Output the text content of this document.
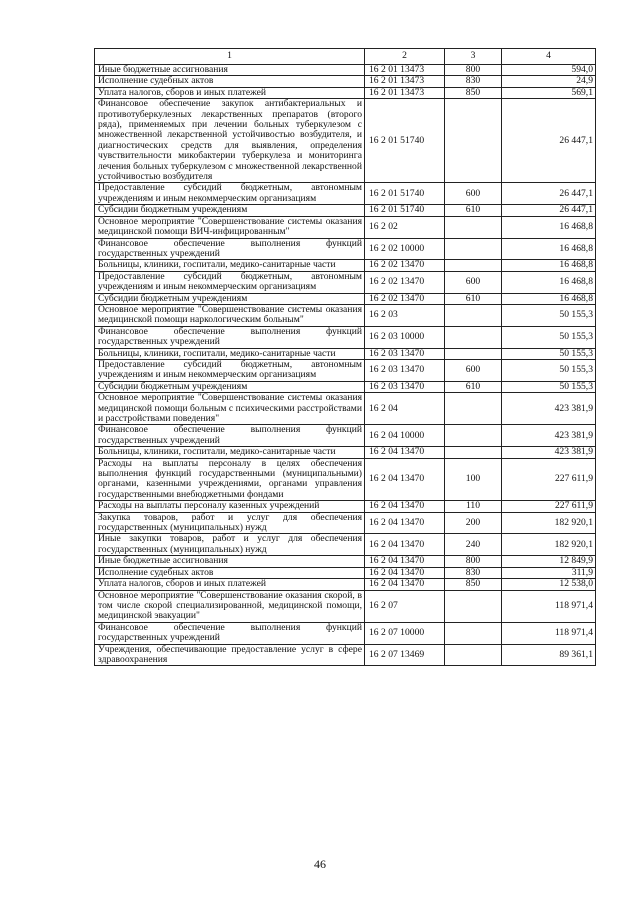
1	2	3	4
Иные бюджетные ассигнования	16 2 01 13473	800	594,0
Исполнение судебных актов	16 2 01 13473	830	24,9
Уплата налогов, сборов и иных платежей	16 2 01 13473	850	569,1
Финансовое обеспечение закупок антибактериальных и противотуберкулезных лекарственных препаратов (второго ряда), применяемых при лечении больных туберкулезом с множественной лекарственной устойчивостью возбудителя, и диагностических средств для выявления, определения чувствительности микобактерии туберкулеза и мониторинга лечения больных туберкулезом с множественной лекарственной устойчивостью возбудителя	16 2 01 51740		26 447,1
Предоставление субсидий бюджетным, автономным учреждениям и иным некоммерческим организациям	16 2 01 51740	600	26 447,1
Субсидии бюджетным учреждениям	16 2 01 51740	610	26 447,1
Основное мероприятие "Совершенствование системы оказания медицинской помощи ВИЧ-инфицированным"	16 2 02		16 468,8
Финансовое обеспечение выполнения функций государственных учреждений	16 2 02 10000		16 468,8
Больницы, клиники, госпитали, медико-санитарные части	16 2 02 13470		16 468,8
Предоставление субсидий бюджетным, автономным учреждениям и иным некоммерческим организациям	16 2 02 13470	600	16 468,8
Субсидии бюджетным учреждениям	16 2 02 13470	610	16 468,8
Основное мероприятие "Совершенствование системы оказания медицинской помощи наркологическим больным"	16 2 03		50 155,3
Финансовое обеспечение выполнения функций государственных учреждений	16 2 03 10000		50 155,3
Больницы, клиники, госпитали, медико-санитарные части	16 2 03 13470		50 155,3
Предоставление субсидий бюджетным, автономным учреждениям и иным некоммерческим организациям	16 2 03 13470	600	50 155,3
Субсидии бюджетным учреждениям	16 2 03 13470	610	50 155,3
Основное мероприятие "Совершенствование системы оказания медицинской помощи больным с психическими расстройствами и расстройствами поведения"	16 2 04		423 381,9
Финансовое обеспечение выполнения функций государственных учреждений	16 2 04 10000		423 381,9
Больницы, клиники, госпитали, медико-санитарные части	16 2 04 13470		423 381,9
Расходы на выплаты персоналу в целях обеспечения выполнения функций государственными (муниципальными) органами, казенными учреждениями, органами управления государственными внебюджетными фондами	16 2 04 13470	100	227 611,9
Расходы на выплаты персоналу казенных учреждений	16 2 04 13470	110	227 611,9
Закупка товаров, работ и услуг для обеспечения государственных (муниципальных) нужд	16 2 04 13470	200	182 920,1
Иные закупки товаров, работ и услуг для обеспечения государственных (муниципальных) нужд	16 2 04 13470	240	182 920,1
Иные бюджетные ассигнования	16 2 04 13470	800	12 849,9
Исполнение судебных актов	16 2 04 13470	830	311,9
Уплата налогов, сборов и иных платежей	16 2 04 13470	850	12 538,0
Основное мероприятие "Совершенствование оказания скорой, в том числе скорой специализированной, медицинской помощи, медицинской эвакуации"	16 2 07		118 971,4
Финансовое обеспечение выполнения функций государственных учреждений	16 2 07 10000		118 971,4
Учреждения, обеспечивающие предоставление услуг в сфере здравоохранения	16 2 07 13469		89 361,1
46
